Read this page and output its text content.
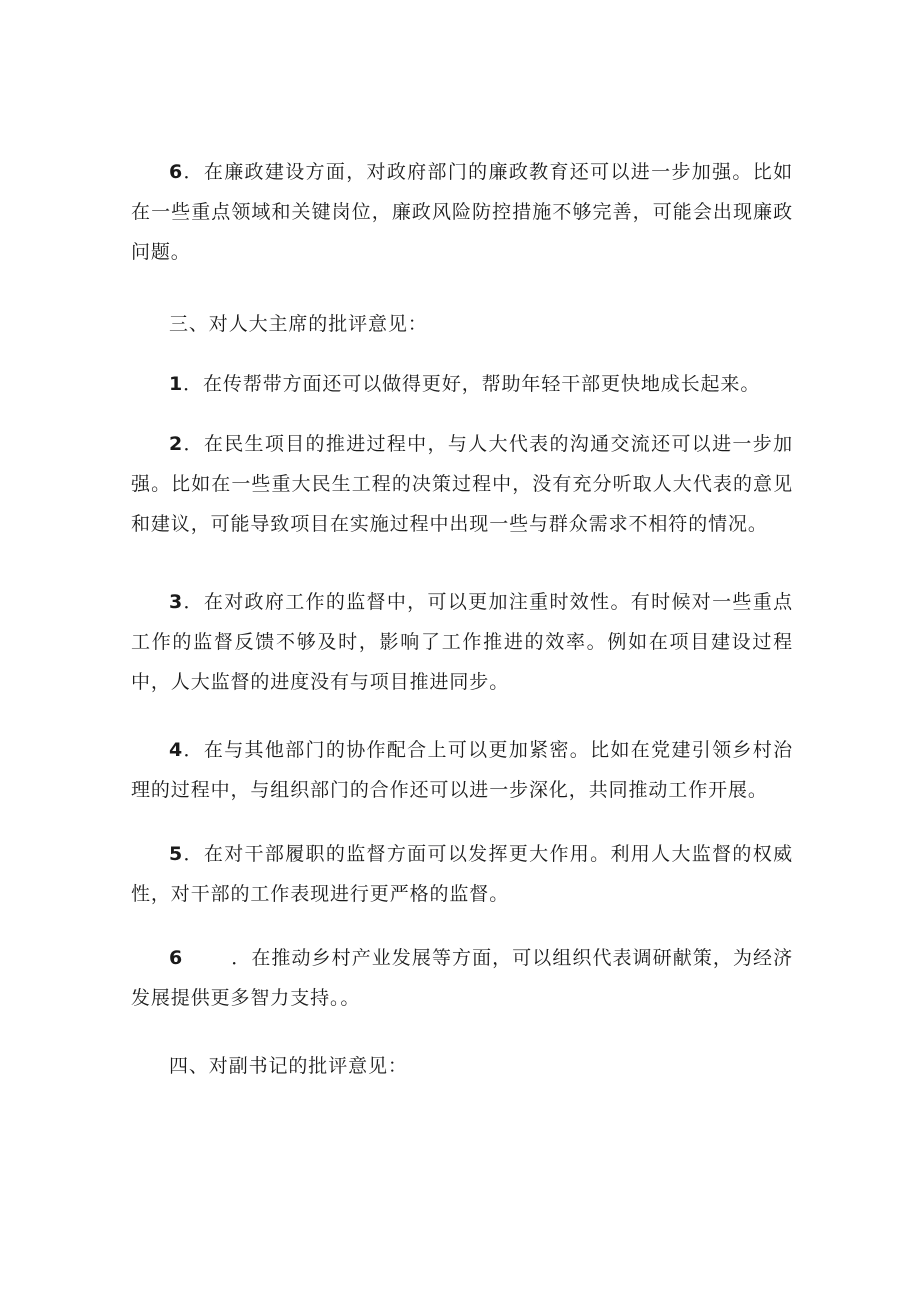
6．在廉政建设方面，对政府部门的廉政教育还可以进一步加强。比如在一些重点领域和关键岗位，廉政风险防控措施不够完善，可能会出现廉政问题。

三、对人大主席的批评意见：

1．在传帮带方面还可以做得更好，帮助年轻干部更快地成长起来。

2．在民生项目的推进过程中，与人大代表的沟通交流还可以进一步加强。比如在一些重大民生工程的决策过程中，没有充分听取人大代表的意见和建议，可能导致项目在实施过程中出现一些与群众需求不相符的情况。

3．在对政府工作的监督中，可以更加注重时效性。有时候对一些重点工作的监督反馈不够及时，影响了工作推进的效率。例如在项目建设过程中，人大监督的进度没有与项目推进同步。

4．在与其他部门的协作配合上可以更加紧密。比如在党建引领乡村治理的过程中，与组织部门的合作还可以进一步深化，共同推动工作开展。

5．在对干部履职的监督方面可以发挥更大作用。利用人大监督的权威性，对干部的工作表现进行更严格的监督。

6	．在推动乡村产业发展等方面，可以组织代表调研献策，为经济发展提供更多智力支持。。

四、对副书记的批评意见：
